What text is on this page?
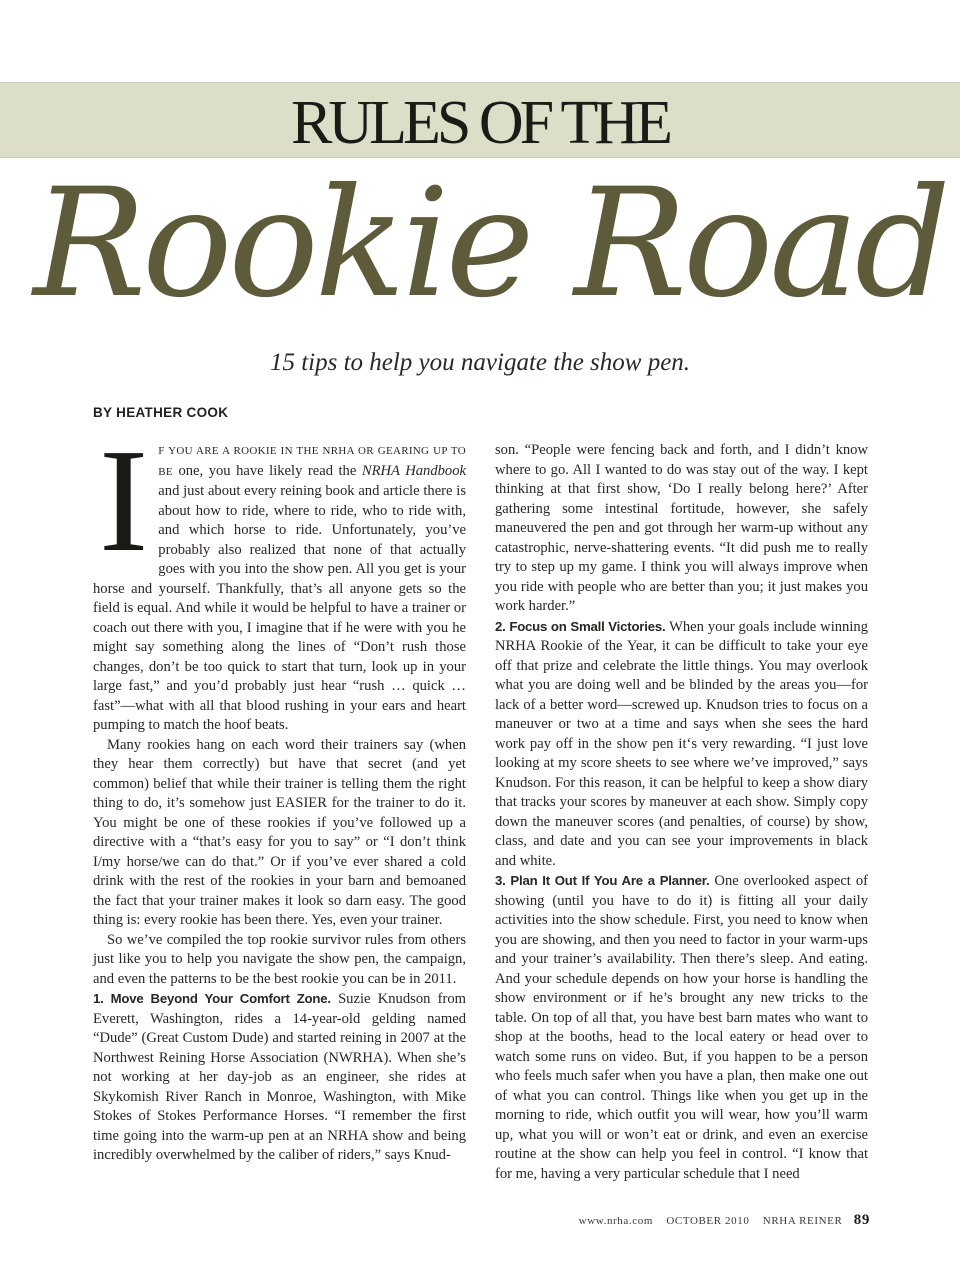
RULES OF THE
Rookie Road
15 tips to help you navigate the show pen.
BY HEATHER COOK

I F YOU ARE A ROOKIE IN THE NRHA OR GEARING UP TO BE one, you have likely read the NRHA Handbook and just about every reining book and article there is about how to ride, where to ride, who to ride with, and which horse to ride. Unfortunately, you’ve probably also realized that none of that actually goes with you into the show pen. All you get is your horse and yourself. Thankfully, that’s all anyone gets so the field is equal. And while it would be helpful to have a trainer or coach out there with you, I imagine that if he were with you he might say something along the lines of “Don’t rush those changes, don’t be too quick to start that turn, look up in your large fast,” and you’d probably just hear “rush … quick … fast”—what with all that blood rushing in your ears and heart pumping to match the hoof beats.

Many rookies hang on each word their trainers say (when they hear them correctly) but have that secret (and yet common) belief that while their trainer is telling them the right thing to do, it’s somehow just EASIER for the trainer to do it. You might be one of these rookies if you’ve followed up a directive with a “that’s easy for you to say” or “I don’t think I/my horse/we can do that.” Or if you’ve ever shared a cold drink with the rest of the rookies in your barn and bemoaned the fact that your trainer makes it look so darn easy. The good thing is: every rookie has been there. Yes, even your trainer.

So we’ve compiled the top rookie survivor rules from others just like you to help you navigate the show pen, the campaign, and even the patterns to be the best rookie you can be in 2011.

1. Move Beyond Your Comfort Zone. Suzie Knudson from Everett, Washington, rides a 14-year-old gelding named “Dude” (Great Custom Dude) and started reining in 2007 at the Northwest Reining Horse Association (NWRHA). When she’s not working at her day-job as an engineer, she rides at Skykomish River Ranch in Monroe, Washington, with Mike Stokes of Stokes Performance Horses. “I remember the first time going into the warm-up pen at an NRHA show and being incredibly overwhelmed by the caliber of riders,” says Knud-

son. “People were fencing back and forth, and I didn’t know where to go. All I wanted to do was stay out of the way. I kept thinking at that first show, ‘Do I really belong here?’ After gathering some intestinal fortitude, however, she safely maneuvered the pen and got through her warm-up without any catastrophic, nerve-shattering events. “It did push me to really try to step up my game. I think you will always improve when you ride with people who are better than you; it just makes you work harder.”

2. Focus on Small Victories. When your goals include winning NRHA Rookie of the Year, it can be difficult to take your eye off that prize and celebrate the little things. You may overlook what you are doing well and be blinded by the areas you—for lack of a better word—screwed up. Knudson tries to focus on a maneuver or two at a time and says when she sees the hard work pay off in the show pen it‘s very rewarding. “I just love looking at my score sheets to see where we’ve improved,” says Knudson. For this reason, it can be helpful to keep a show diary that tracks your scores by maneuver at each show. Simply copy down the maneuver scores (and penalties, of course) by show, class, and date and you can see your improvements in black and white.

3. Plan It Out If You Are a Planner. One overlooked aspect of showing (until you have to do it) is fitting all your daily activities into the show schedule. First, you need to know when you are showing, and then you need to factor in your warm-ups and your trainer’s availability. Then there’s sleep. And eating. And your schedule depends on how your horse is handling the show environment or if he’s brought any new tricks to the table. On top of all that, you have best barn mates who want to shop at the booths, head to the local eatery or head over to watch some runs on video. But, if you happen to be a person who feels much safer when you have a plan, then make one out of what you can control. Things like when you get up in the morning to ride, which outfit you will wear, how you’ll warm up, what you will or won’t eat or drink, and even an exercise routine at the show can help you feel in control. “I know that for me, having a very particular schedule that I need

www.nrha.com OCTOBER 2010 NRHA REINER 89
